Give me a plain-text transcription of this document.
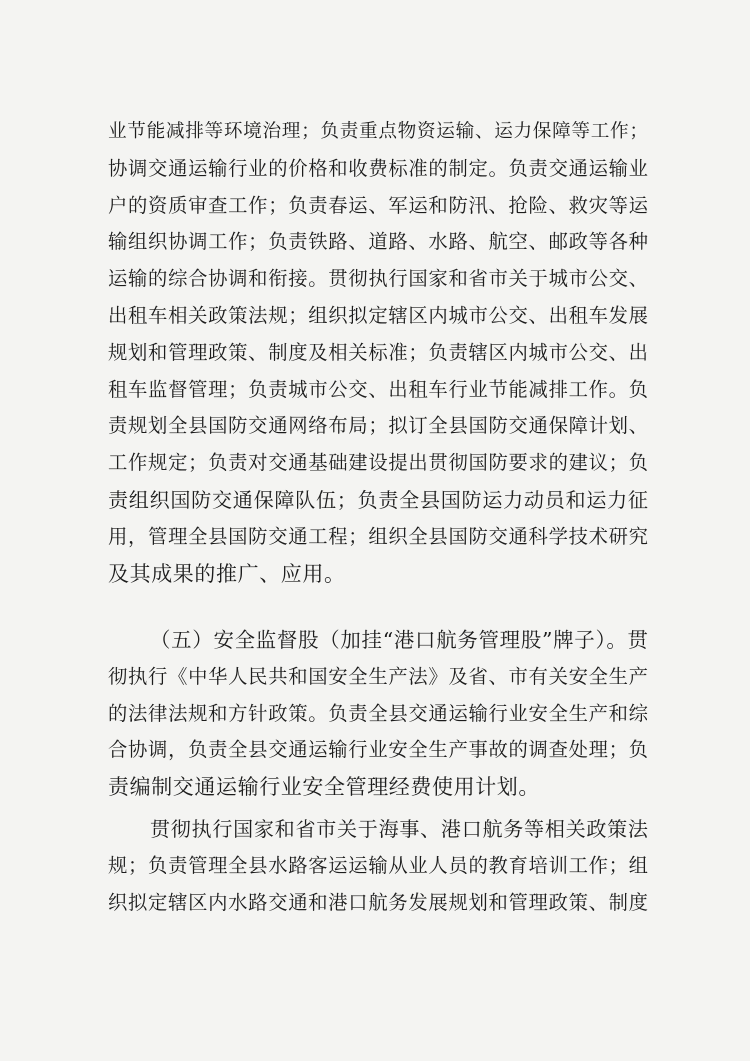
业节能减排等环境治理；负责重点物资运输、运力保障等工作；
协调交通运输行业的价格和收费标准的制定。负责交通运输业
户的资质审查工作；负责春运、军运和防汛、抢险、救灾等运
输组织协调工作；负责铁路、道路、水路、航空、邮政等各种
运输的综合协调和衔接。贯彻执行国家和省市关于城市公交、
出租车相关政策法规；组织拟定辖区内城市公交、出租车发展
规划和管理政策、制度及相关标准；负责辖区内城市公交、出
租车监督管理；负责城市公交、出租车行业节能减排工作。负
责规划全县国防交通网络布局；拟订全县国防交通保障计划、
工作规定；负责对交通基础建设提出贯彻国防要求的建议；负
责组织国防交通保障队伍；负责全县国防运力动员和运力征
用，管理全县国防交通工程；组织全县国防交通科学技术研究
及其成果的推广、应用。
（五）安全监督股（加挂“港口航务管理股”牌子）。贯
彻执行《中华人民共和国安全生产法》及省、市有关安全生产
的法律法规和方针政策。负责全县交通运输行业安全生产和综
合协调，负责全县交通运输行业安全生产事故的调查处理；负
责编制交通运输行业安全管理经费使用计划。
贯彻执行国家和省市关于海事、港口航务等相关政策法
规；负责管理全县水路客运运输从业人员的教育培训工作；组
织拟定辖区内水路交通和港口航务发展规划和管理政策、制度
